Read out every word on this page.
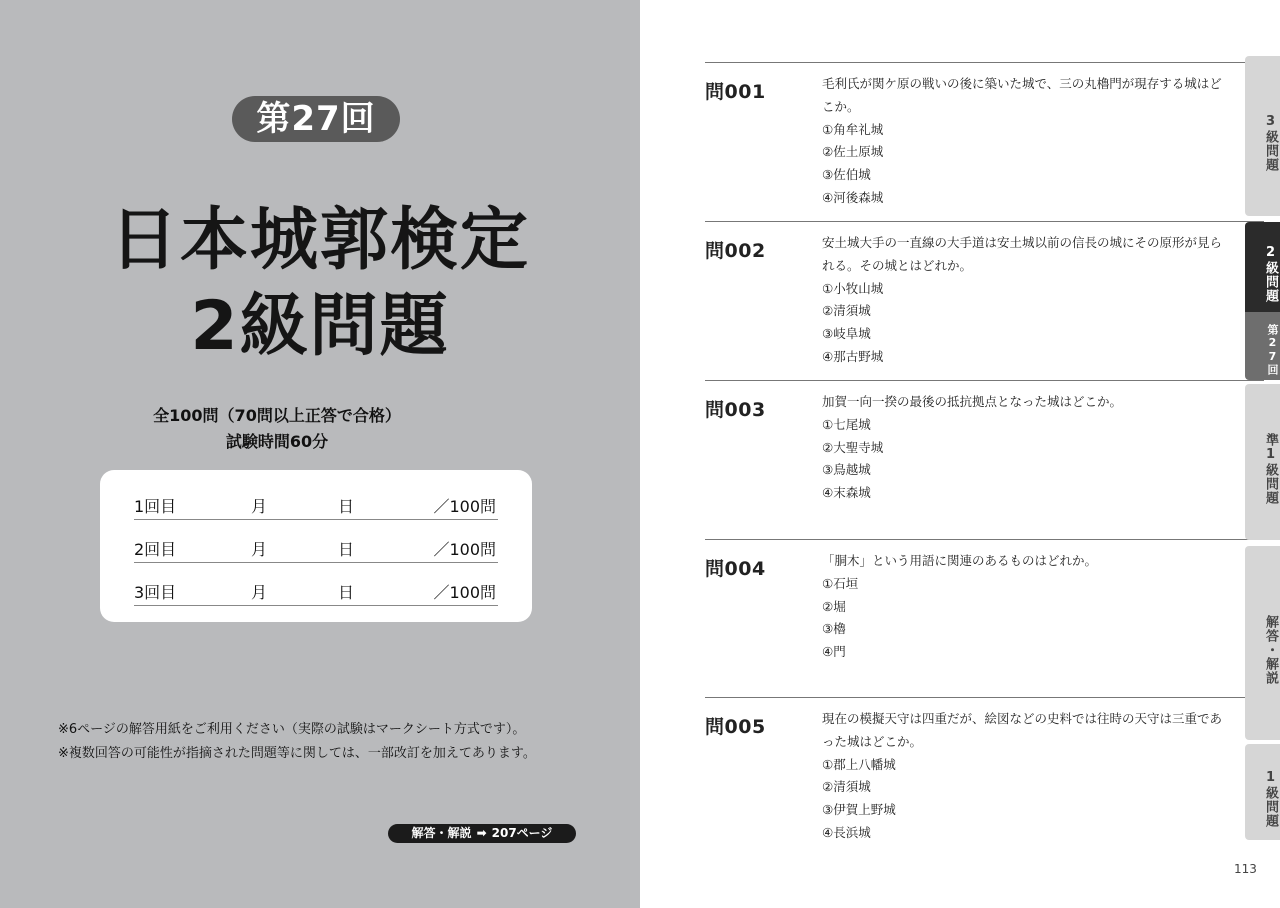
第27回
日本城郭検定
2級問題
全100問（70問以上正答で合格）
試験時間60分
1回目	月	日	／100問
2回目	月	日	／100問
3回目	月	日	／100問
※6ページの解答用紙をご利用ください（実際の試験はマークシート方式です）。
※複数回答の可能性が指摘された問題等に関しては、一部改訂を加えてあります。
解答・解説 ➡ 207ページ
問001	毛利氏が関ケ原の戦いの後に築いた城で、三の丸櫓門が現存する城はどこか。
①角牟礼城
②佐土原城
③佐伯城
④河後森城
問002	安土城大手の一直線の大手道は安土城以前の信長の城にその原形が見られる。その城とはどれか。
①小牧山城
②清須城
③岐阜城
④那古野城
問003	加賀一向一揆の最後の抵抗拠点となった城はどこか。
①七尾城
②大聖寺城
③鳥越城
④末森城
問004	「胴木」という用語に関連のあるものはどれか。
①石垣
②堀
③櫓
④門
問005	現在の模擬天守は四重だが、絵図などの史料では往時の天守は三重であった城はどこか。
①郡上八幡城
②清須城
③伊賀上野城
④長浜城
3級問題
2級問題
第27回
準1級問題
解答・解説
1級問題
113
